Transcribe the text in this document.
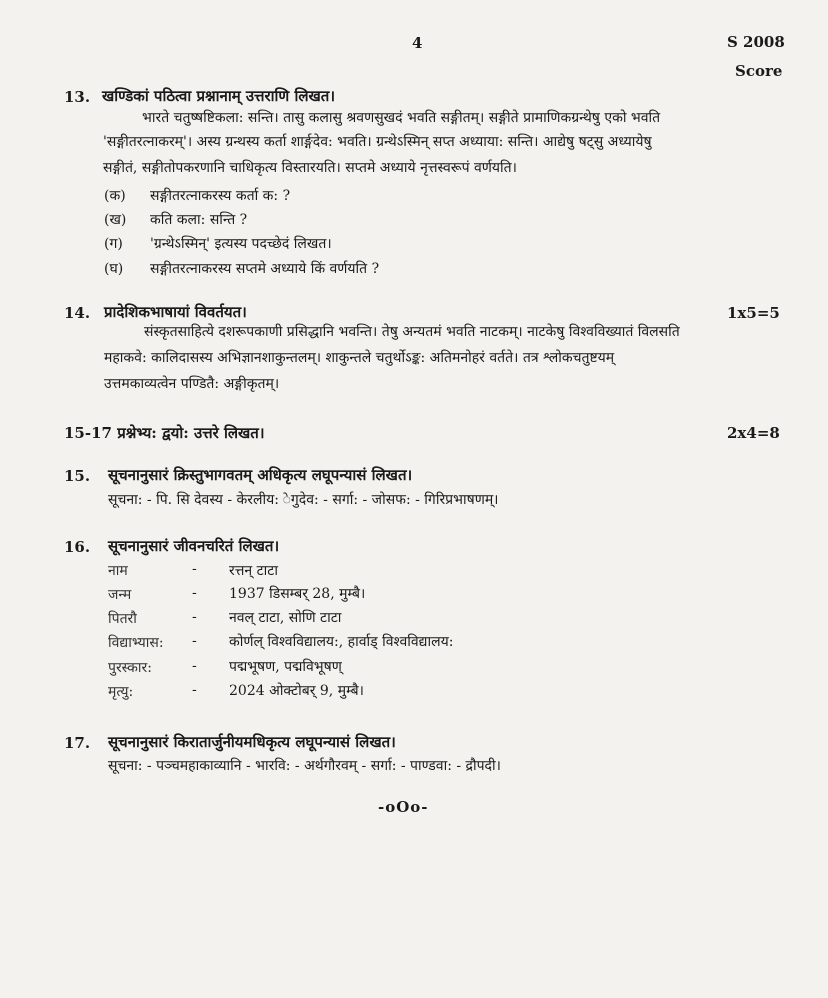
4	S 2008
Score
13. खण्डिकां पठित्वा प्रश्नानाम् उत्तराणि लिखत।
भारते चतुष्षष्टिकला: सन्ति। तासु कलासु श्रवणसुखदं भवति सङ्गीतम्। सङ्गीते प्रामाणिकग्रन्थेषु एको भवति
'सङ्गीतरत्नाकरम्'। अस्य ग्रन्थस्य कर्ता शार्ङ्गदेव: भवति। ग्रन्थेऽस्मिन् सप्त अध्याया: सन्ति। आद्येषु षट्सु अध्यायेषु
सङ्गीतं, सङ्गीतोपकरणानि चाधिकृत्य विस्तारयति। सप्तमे अध्याये नृत्तस्वरूपं वर्णयति।
(क) सङ्गीतरत्नाकरस्य कर्ता क: ?
(ख) कति कला: सन्ति ?
(ग) 'ग्रन्थेऽस्मिन्' इत्यस्य पदच्छेदं लिखत।
(घ) सङ्गीतरत्नाकरस्य सप्तमे अध्याये किं वर्णयति ?
14. प्रादेशिकभाषायां विवर्तयत।	1x5=5
संस्कृतसाहित्ये दशरूपकाणी प्रसिद्धानि भवन्ति। तेषु अन्यतमं भवति नाटकम्। नाटकेषु विश्वविख्यातं विलसति
महाकवे: कालिदासस्य अभिज्ञानशाकुन्तलम्। शाकुन्तले चतुर्थोऽङ्क: अतिमनोहरं वर्तते। तत्र श्लोकचतुष्टयम्
उत्तमकाव्यत्वेन पण्डितै: अङ्गीकृतम्।
15-17 प्रश्नेभ्य: द्वयो: उत्तरे लिखत।	2x4=8
15. सूचनानुसारं क्रिस्तुभागवतम् अधिकृत्य लघूपन्यासं लिखत।
सूचना: - पि. सि देवस्य - केरलीय: ेगुदेव: - सर्गा: - जोसफ: - गिरिप्रभाषणम्।
16. सूचनानुसारं जीवनचरितं लिखत।
नाम	- रत्तन् टाटा
जन्म	- 1937 डिसम्बर् 28, मुम्बै।
पितरौ	- नवल् टाटा, सोणि टाटा
विद्याभ्यास: - कोर्णल् विश्वविद्यालय:, हार्वाड् विश्वविद्यालय:
पुरस्कार:	- पद्मभूषण, पद्मविभूषण्
मृत्यु:	- 2024 ओक्टोबर् 9, मुम्बै।
17. सूचनानुसारं किरातार्जुनीयमधिकृत्य लघूपन्यासं लिखत।
सूचना: - पञ्चमहाकाव्यानि - भारवि: - अर्थगौरवम् - सर्गा: - पाण्डवा: - द्रौपदी।
-oOo-
